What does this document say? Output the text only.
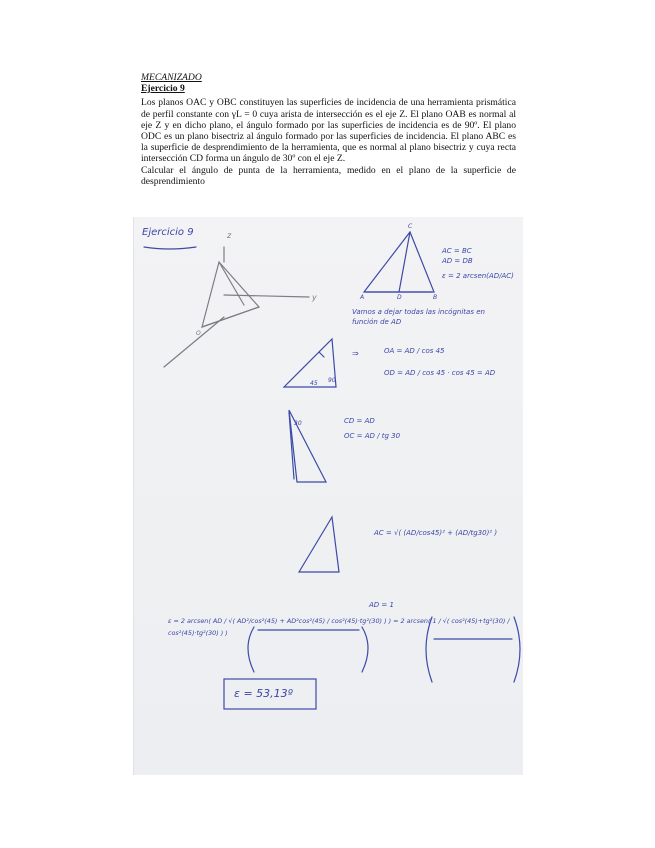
MECANIZADO
Ejercicio 9

Los planos OAC y OBC constituyen las superficies de incidencia de una herramienta prismática de perfil constante con γL = 0 cuya arista de intersección es el eje Z. El plano OAB es normal al eje Z y en dicho plano, el ángulo formado por las superficies de incidencia es de 90º. El plano ODC es un plano bisectriz al ángulo formado por las superficies de incidencia. El plano ABC es la superficie de desprendimiento de la herramienta, que es normal al plano bisectriz y cuya recta intersección CD forma un ángulo de 30º con el eje Z.

Calcular el ángulo de punta de la herramienta, medido en el plano de la superficie de desprendimiento

Ejercicio 9	z
y
AC = BC
AD = DB
ε = 2 arcsen(AD/AC)
Vamos a dejar todas las incógnitas en función de AD
⇒	OA = AD / cos 45
OD = AD / cos 45 · cos 45 = AD
CD = AD
OC = AD / tg 30
AC = √( (AD/cos45)² + (AD/tg30)² )
AD = 1
ε = 2 arcsen( AD / √( AD²/cos²(45) + AD²cos²(45) / cos²(45)·tg²(30) ) ) = 2 arcsen( 1 / √( cos²(45)+tg²(30) / cos²(45)·tg²(30) ) )
ε = 53,13º
A
C
B
D
O
45
30
90
